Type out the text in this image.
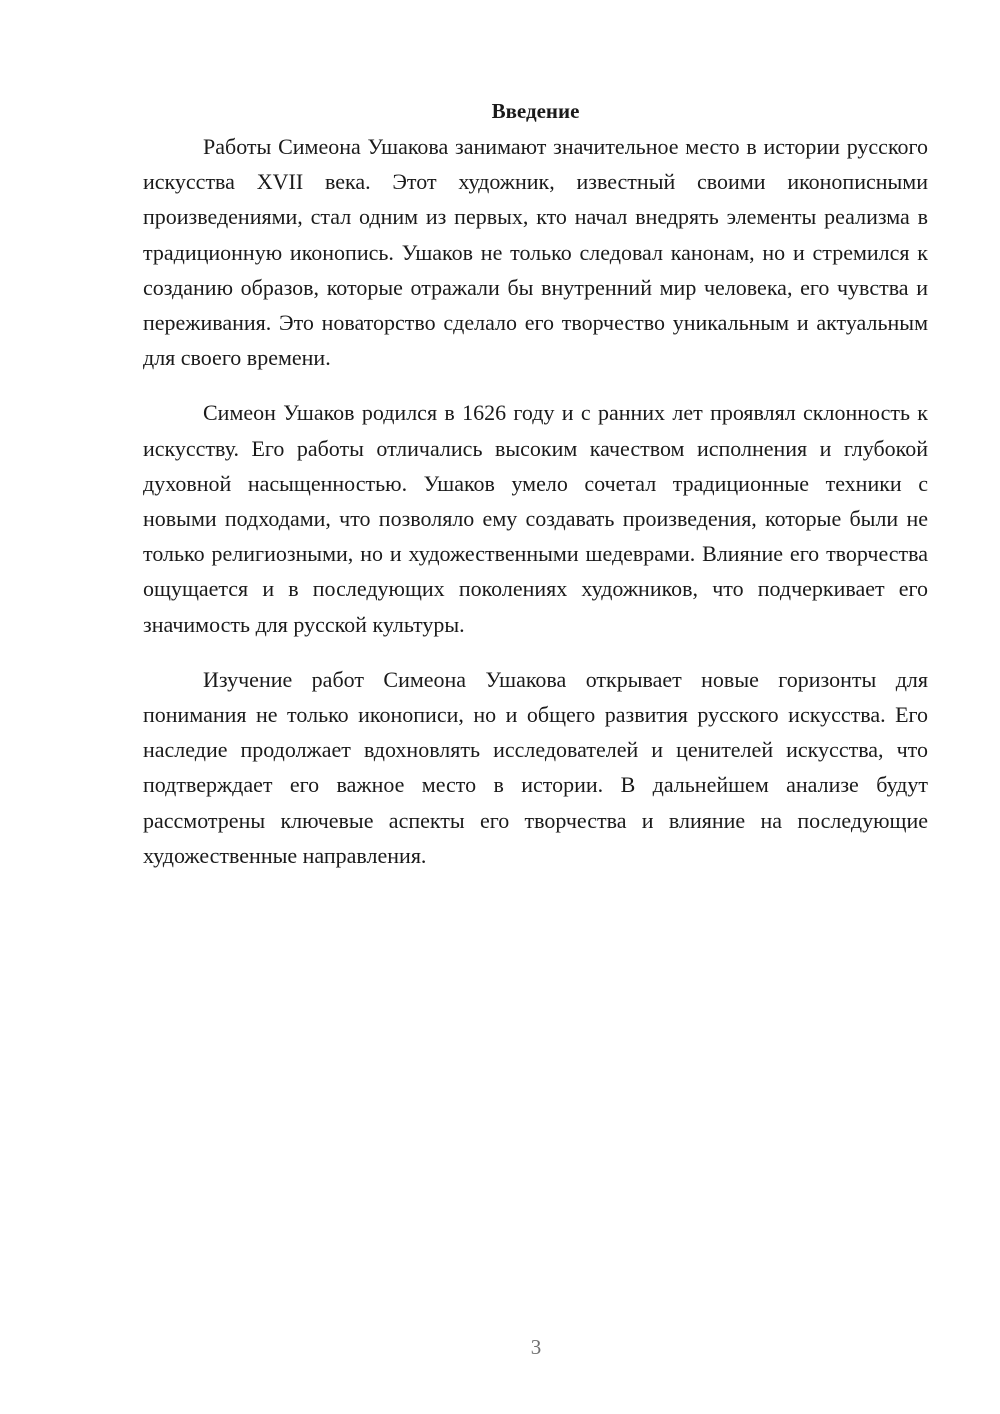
Введение

Работы Симеона Ушакова занимают значительное место в истории русского искусства XVII века. Этот художник, известный своими иконописными произведениями, стал одним из первых, кто начал внедрять элементы реализма в традиционную иконопись. Ушаков не только следовал канонам, но и стремился к созданию образов, которые отражали бы внутренний мир человека, его чувства и переживания. Это новаторство сделало его творчество уникальным и актуальным для своего времени.

Симеон Ушаков родился в 1626 году и с ранних лет проявлял склонность к искусству. Его работы отличались высоким качеством исполнения и глубокой духовной насыщенностью. Ушаков умело сочетал традиционные техники с новыми подходами, что позволяло ему создавать произведения, которые были не только религиозными, но и художественными шедеврами. Влияние его творчества ощущается и в последующих поколениях художников, что подчеркивает его значимость для русской культуры.

Изучение работ Симеона Ушакова открывает новые горизонты для понимания не только иконописи, но и общего развития русского искусства. Его наследие продолжает вдохновлять исследователей и ценителей искусства, что подтверждает его важное место в истории. В дальнейшем анализе будут рассмотрены ключевые аспекты его творчества и влияние на последующие художественные направления.

3
